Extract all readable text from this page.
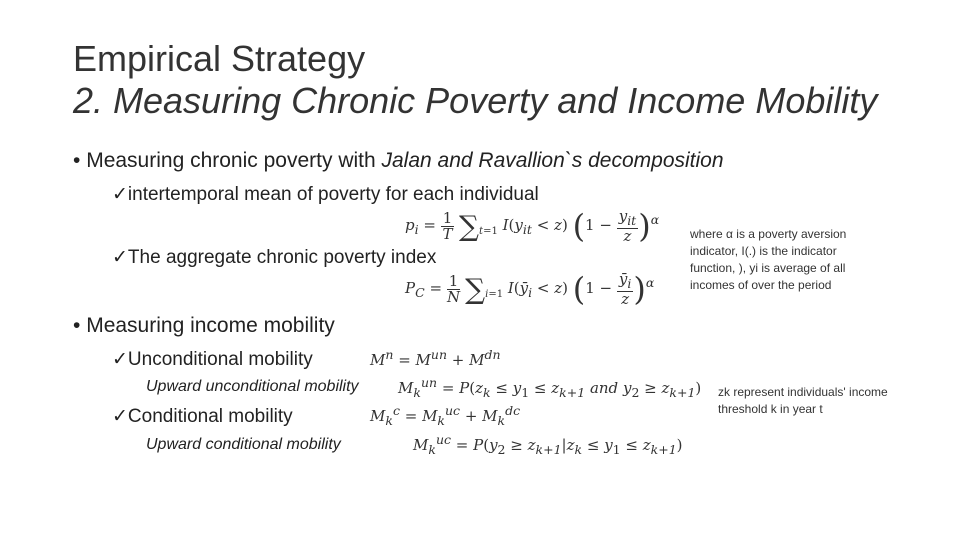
Empirical Strategy
2. Measuring Chronic Poverty and Income Mobility
• Measuring chronic poverty with Jalan and Ravallion`s decomposition
✓intertemporal mean of poverty for each individual
$p_i = \frac{1}{T} \sum_{t=1}$ $I(y_{it} < z) (1 - \frac{y_{it}}{z} )^\alpha$
✓The aggregate chronic poverty index
$P_C = \frac{1}{N} \sum_{i=1}$ $I(ȳ_i < z) (1 - \frac{ȳ_i}{z} )^\alpha$
where α is a poverty aversion indicator, I(.) is the indicator function, ), yi is average of all incomes of over the period
• Measuring income mobility
✓Unconditional mobility	$M^n = M^{un} + M^{dn}$
Upward unconditional mobility	$M_k^{un} = P(z_k \le y_1 \le z_{k+1}$ and $y_2 \ge z_{k+1}$) zk represent individuals' income threshold k in year t
✓Conditional mobility	$M_k^c = M_k^{uc} + M_k^{dc}$
Upward conditional mobility	$M_k^{uc} = P(y_2 \ge z_{k+1}|z_k \le y_1 \le z_{k+1})$
